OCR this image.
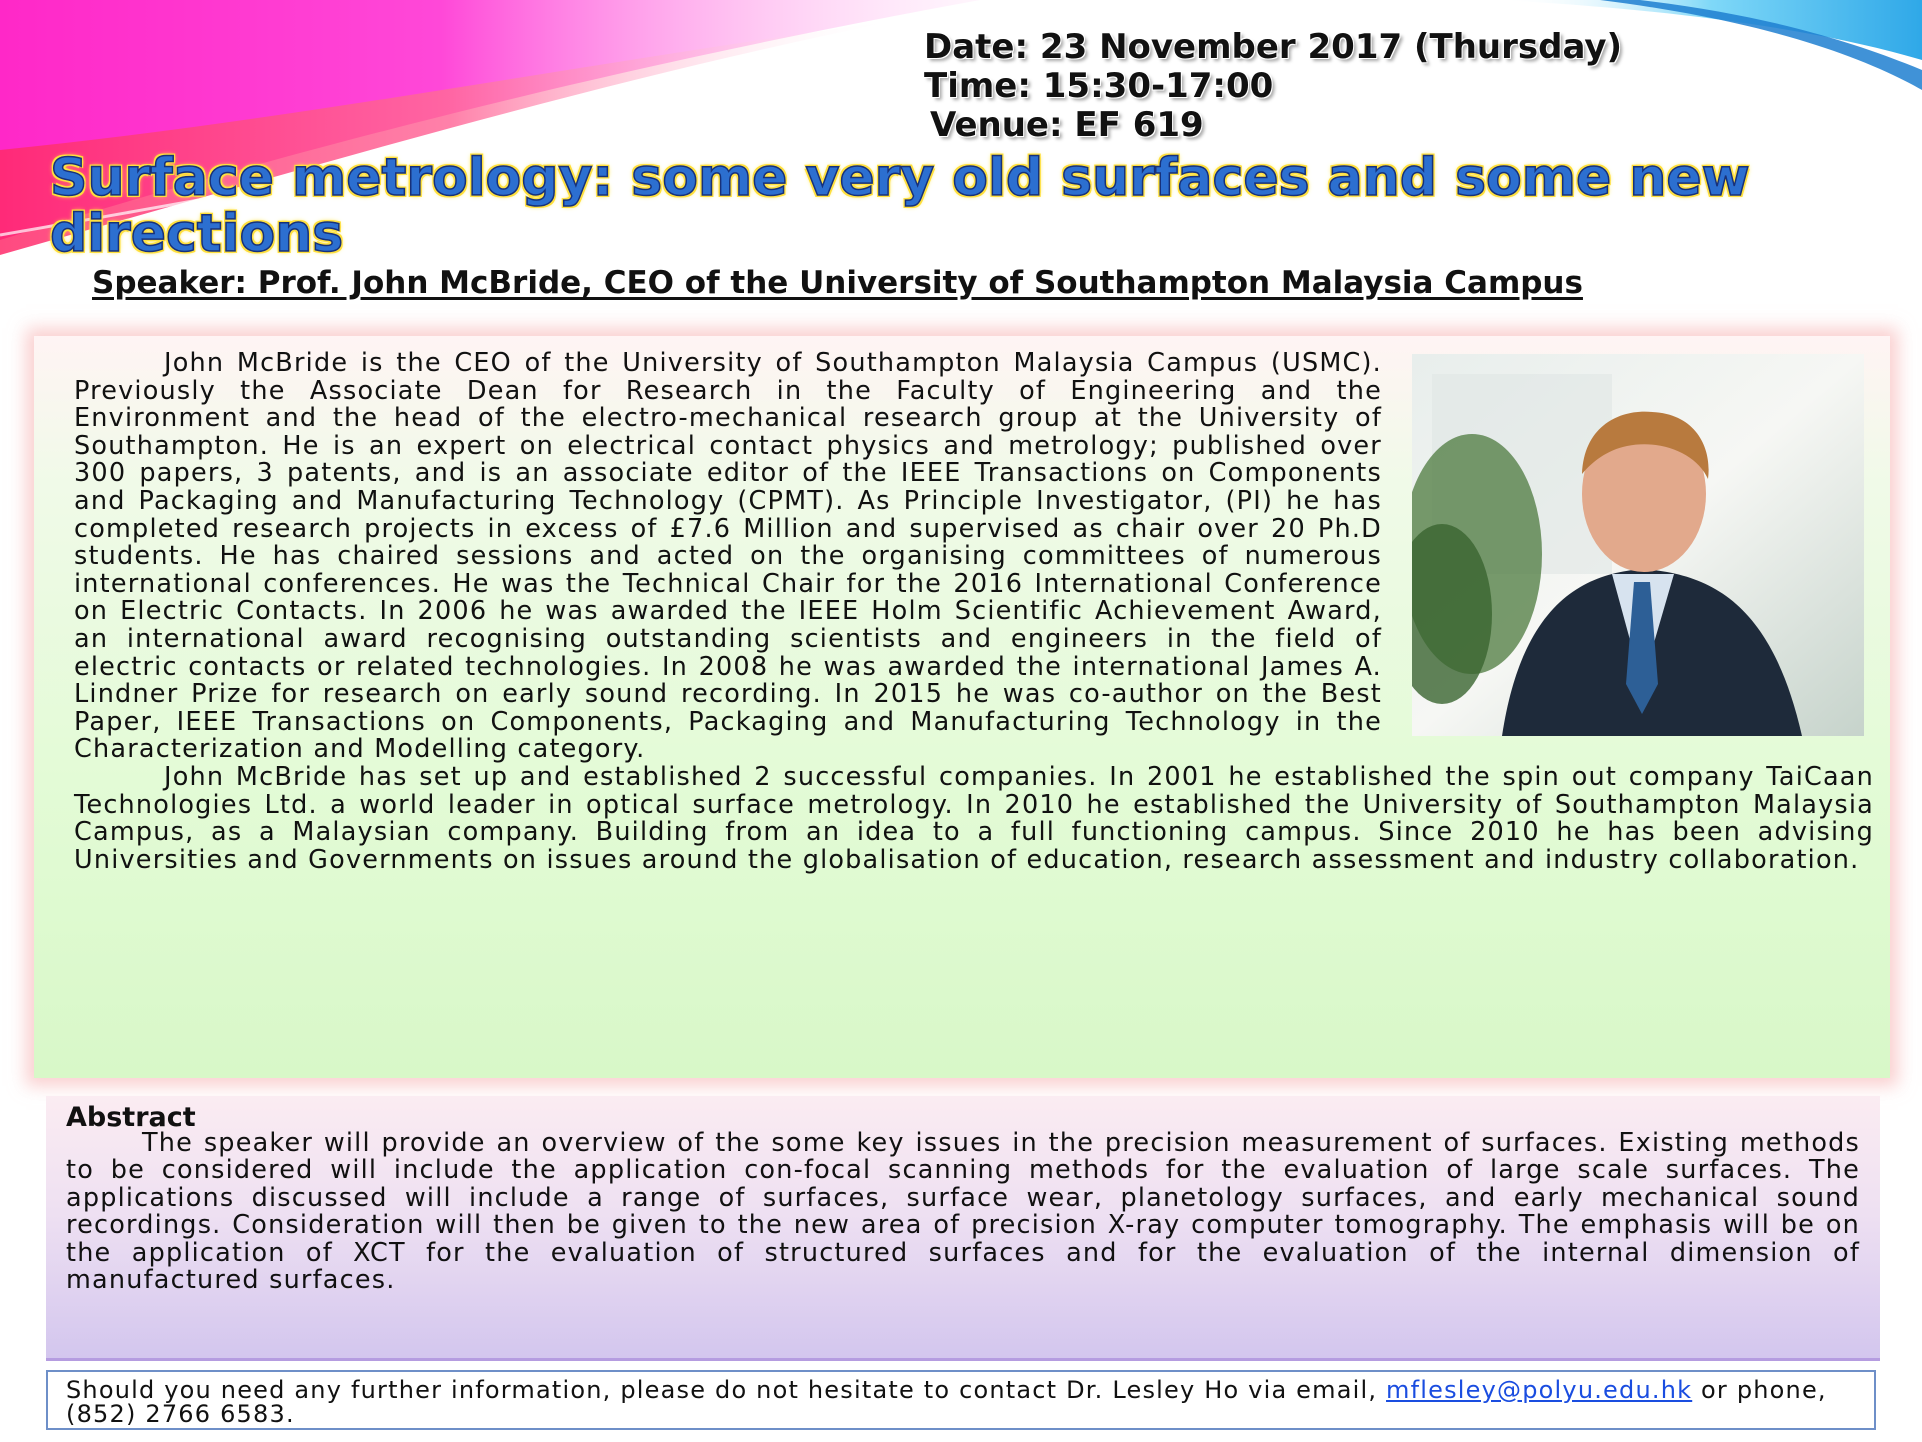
Date: 23 November 2017 (Thursday)
Time: 15:30-17:00
Venue: EF 619
Surface metrology: some very old surfaces and some new directions
Speaker: Prof. John McBride, CEO of the University of Southampton Malaysia Campus

John McBride is the CEO of the University of Southampton Malaysia Campus (USMC). Previously the Associate Dean for Research in the Faculty of Engineering and the Environment and the head of the electro-mechanical research group at the University of Southampton. He is an expert on electrical contact physics and metrology; published over 300 papers, 3 patents, and is an associate editor of the IEEE Transactions on Components and Packaging and Manufacturing Technology (CPMT). As Principle Investigator, (PI) he has completed research projects in excess of £7.6 Million and supervised as chair over 20 Ph.D students. He has chaired sessions and acted on the organising committees of numerous international conferences. He was the Technical Chair for the 2016 International Conference on Electric Contacts. In 2006 he was awarded the IEEE Holm Scientific Achievement Award, an international award recognising outstanding scientists and engineers in the field of electric contacts or related technologies. In 2008 he was awarded the international James A. Lindner Prize for research on early sound recording. In 2015 he was co-author on the Best Paper, IEEE Transactions on Components, Packaging and Manufacturing Technology in the Characterization and Modelling category.

John McBride has set up and established 2 successful companies. In 2001 he established the spin out company TaiCaan Technologies Ltd. a world leader in optical surface metrology. In 2010 he established the University of Southampton Malaysia Campus, as a Malaysian company. Building from an idea to a full functioning campus. Since 2010 he has been advising Universities and Governments on issues around the globalisation of education, research assessment and industry collaboration.

Abstract

The speaker will provide an overview of the some key issues in the precision measurement of surfaces. Existing methods to be considered will include the application con-focal scanning methods for the evaluation of large scale surfaces. The applications discussed will include a range of surfaces, surface wear, planetology surfaces, and early mechanical sound recordings. Consideration will then be given to the new area of precision X-ray computer tomography. The emphasis will be on the application of XCT for the evaluation of structured surfaces and for the evaluation of the internal dimension of manufactured surfaces.

Should you need any further information, please do not hesitate to contact Dr. Lesley Ho via email, mflesley@polyu.edu.hk or phone, (852) 2766 6583.
